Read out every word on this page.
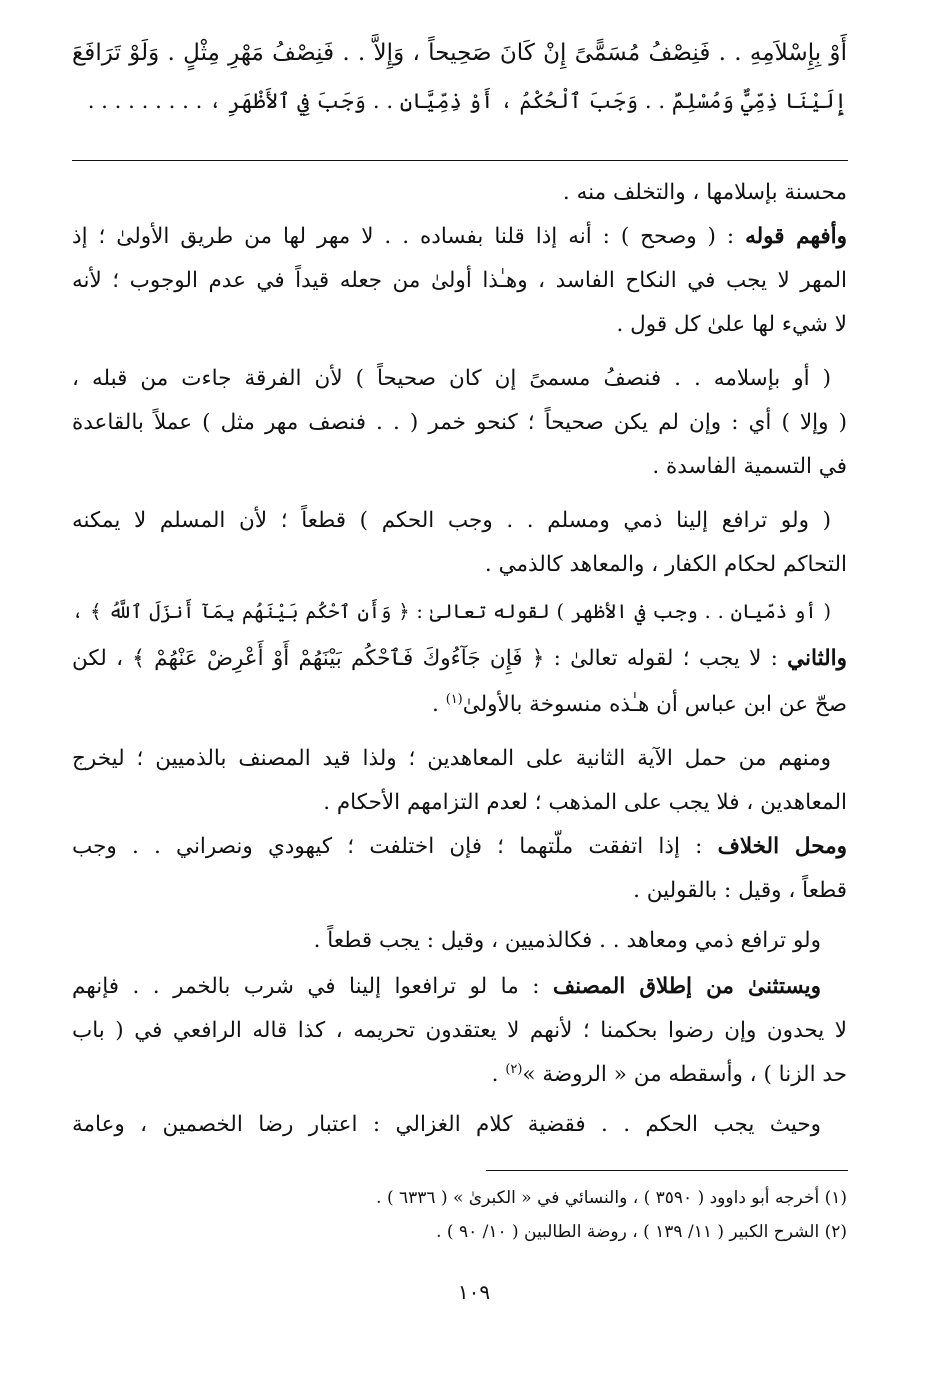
أَوْ بِإِسْلاَمِهِ . . فَنِصْفُ مُسَمًّىً إِنْ كَانَ صَحِيحاً ، وَإِلاَّ . . فَنِصْفُ مَهْرِ مِثْلٍ . وَلَوْ تَرَافَعَ
إِلَيْنَا ذِمِّيٌّ وَمُسْلِمٌ . . وَجَبَ ٱلْحُكْمُ ، أَوْ ذِمِّيَّانِ . . وَجَبَ فِي ٱلأَظْهَرِ ، . . . . . . . . .
محسنة بإسلامها ، والتخلف منه .
وأفهم قوله : ( وصحح ) : أنه إذا قلنا بفساده . . لا مهر لها من طريق الأولىٰ ؛ إذ
المهر لا يجب في النكاح الفاسد ، وهـٰذا أولىٰ من جعله قيداً في عدم الوجوب ؛ لأنه
لا شيء لها علىٰ كل قول .
( أو بإسلامه . . فنصفُ مسمىً إن كان صحيحاً ) لأن الفرقة جاءت من قبله ،
( وإلا ) أي : وإن لم يكن صحيحاً ؛ كنحو خمر ( . . فنصف مهر مثل ) عملاً بالقاعدة
في التسمية الفاسدة .
( ولو ترافع إلينا ذمي ومسلم . . وجب الحكم ) قطعاً ؛ لأن المسلم لا يمكنه
التحاكم لحكام الكفار ، والمعاهد كالذمي .
( أو ذمّيان . . وجب في الأظهر ) لقوله تعالىٰ : ﴿ وَأَنِ ٱحْكُم بَيْنَهُم بِمَآ أَنزَلَ ٱللَّهُ ﴾ ،
والثاني : لا يجب ؛ لقوله تعالىٰ : ﴿ فَإِن جَآءُوكَ فَٱحْكُم بَيْنَهُمْ أَوْ أَعْرِضْ عَنْهُمْ ﴾ ، لكن
صحّ عن ابن عباس أن هـٰذه منسوخة بالأولىٰ$^{(١)}$ .
ومنهم من حمل الآية الثانية على المعاهدين ؛ ولذا قيد المصنف بالذميين ؛ ليخرج
المعاهدين ، فلا يجب على المذهب ؛ لعدم التزامهم الأحكام .
ومحل الخلاف : إذا اتفقت ملّتهما ؛ فإن اختلفت ؛ كيهودي ونصراني . . وجب
قطعاً ، وقيل : بالقولين .
ولو ترافع ذمي ومعاهد . . فكالذميين ، وقيل : يجب قطعاً .
ويستثنىٰ من إطلاق المصنف : ما لو ترافعوا إلينا في شرب بالخمر . . فإنهم
لا يحدون وإن رضوا بحكمنا ؛ لأنهم لا يعتقدون تحريمه ، كذا قاله الرافعي في ( باب
حد الزنا ) ، وأسقطه من « الروضة »$^{(٢)}$ .
وحيث يجب الحكم . . فقضية كلام الغزالي : اعتبار رضا الخصمين ، وعامة
(١) أخرجه أبو داوود ( ٣٥٩٠ ) ، والنسائي في « الكبرىٰ » ( ٦٣٣٦ ) .
(٢) الشرح الكبير ( ١١/ ١٣٩ ) ، روضة الطالبين ( ١٠/ ٩٠ ) .
١٠٩
